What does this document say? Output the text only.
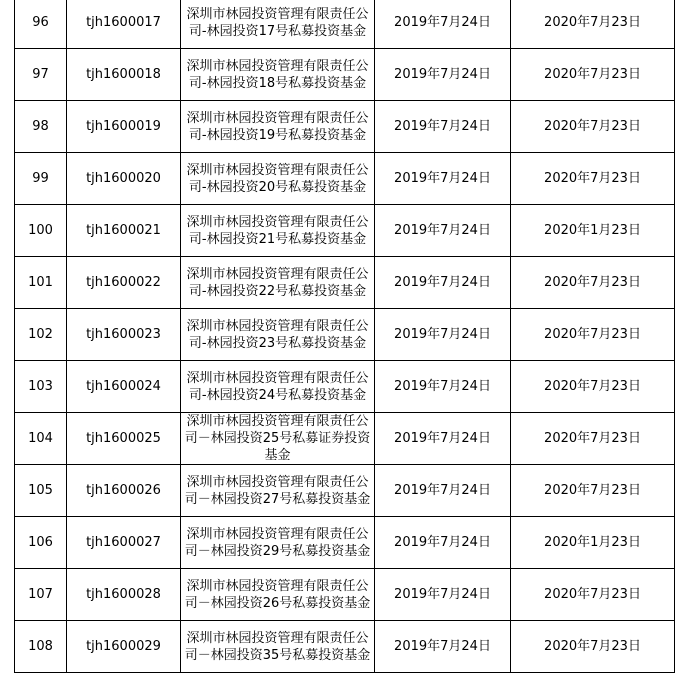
96	tjh1600017	深圳市林园投资管理有限责任公司-林园投资17号私募投资基金	2019年7月24日	2020年7月23日
97	tjh1600018	深圳市林园投资管理有限责任公司-林园投资18号私募投资基金	2019年7月24日	2020年7月23日
98	tjh1600019	深圳市林园投资管理有限责任公司-林园投资19号私募投资基金	2019年7月24日	2020年7月23日
99	tjh1600020	深圳市林园投资管理有限责任公司-林园投资20号私募投资基金	2019年7月24日	2020年7月23日
100	tjh1600021	深圳市林园投资管理有限责任公司-林园投资21号私募投资基金	2019年7月24日	2020年1月23日
101	tjh1600022	深圳市林园投资管理有限责任公司-林园投资22号私募投资基金	2019年7月24日	2020年7月23日
102	tjh1600023	深圳市林园投资管理有限责任公司-林园投资23号私募投资基金	2019年7月24日	2020年7月23日
103	tjh1600024	深圳市林园投资管理有限责任公司-林园投资24号私募投资基金	2019年7月24日	2020年7月23日
104	tjh1600025	深圳市林园投资管理有限责任公司－林园投资25号私募证券投资基金	2019年7月24日	2020年7月23日
105	tjh1600026	深圳市林园投资管理有限责任公司－林园投资27号私募投资基金	2019年7月24日	2020年7月23日
106	tjh1600027	深圳市林园投资管理有限责任公司－林园投资29号私募投资基金	2019年7月24日	2020年1月23日
107	tjh1600028	深圳市林园投资管理有限责任公司－林园投资26号私募投资基金	2019年7月24日	2020年7月23日
108	tjh1600029	深圳市林园投资管理有限责任公司－林园投资35号私募投资基金	2019年7月24日	2020年7月23日
